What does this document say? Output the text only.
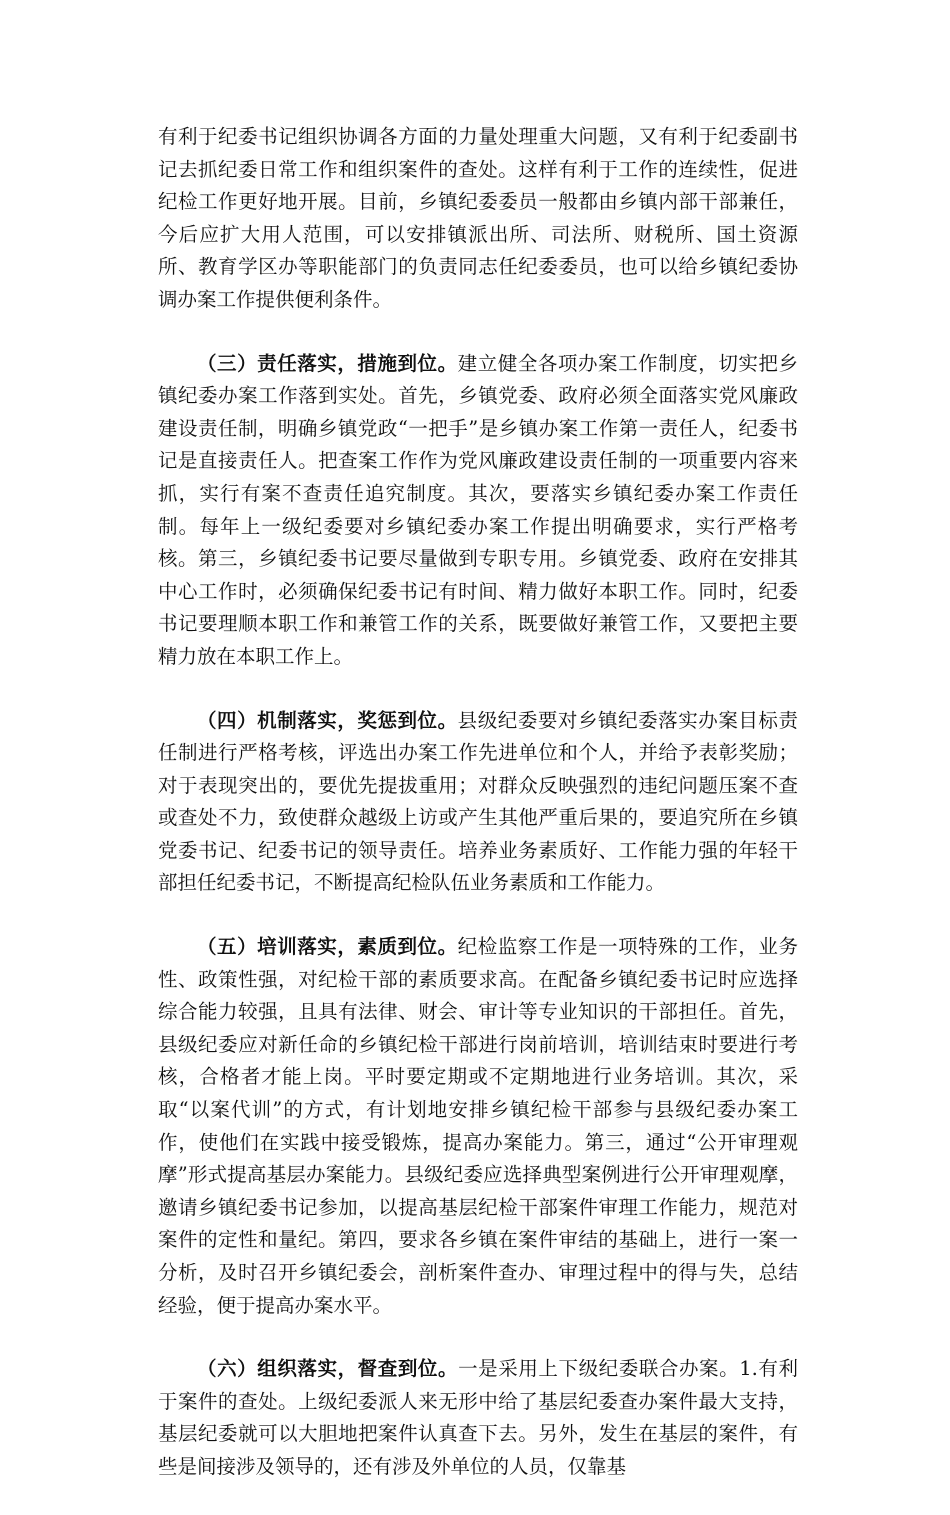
有利于纪委书记组织协调各方面的力量处理重大问题，又有利于纪委副书记去抓纪委日常工作和组织案件的查处。这样有利于工作的连续性，促进纪检工作更好地开展。目前，乡镇纪委委员一般都由乡镇内部干部兼任，今后应扩大用人范围，可以安排镇派出所、司法所、财税所、国土资源所、教育学区办等职能部门的负责同志任纪委委员，也可以给乡镇纪委协调办案工作提供便利条件。

（三）责任落实，措施到位。建立健全各项办案工作制度，切实把乡镇纪委办案工作落到实处。首先，乡镇党委、政府必须全面落实党风廉政建设责任制，明确乡镇党政“一把手”是乡镇办案工作第一责任人，纪委书记是直接责任人。把查案工作作为党风廉政建设责任制的一项重要内容来抓，实行有案不查责任追究制度。其次，要落实乡镇纪委办案工作责任制。每年上一级纪委要对乡镇纪委办案工作提出明确要求，实行严格考核。第三，乡镇纪委书记要尽量做到专职专用。乡镇党委、政府在安排其中心工作时，必须确保纪委书记有时间、精力做好本职工作。同时，纪委书记要理顺本职工作和兼管工作的关系，既要做好兼管工作，又要把主要精力放在本职工作上。

（四）机制落实，奖惩到位。县级纪委要对乡镇纪委落实办案目标责任制进行严格考核，评选出办案工作先进单位和个人，并给予表彰奖励；对于表现突出的，要优先提拔重用；对群众反映强烈的违纪问题压案不查或查处不力，致使群众越级上访或产生其他严重后果的，要追究所在乡镇党委书记、纪委书记的领导责任。培养业务素质好、工作能力强的年轻干部担任纪委书记，不断提高纪检队伍业务素质和工作能力。

（五）培训落实，素质到位。纪检监察工作是一项特殊的工作，业务性、政策性强，对纪检干部的素质要求高。在配备乡镇纪委书记时应选择综合能力较强，且具有法律、财会、审计等专业知识的干部担任。首先，县级纪委应对新任命的乡镇纪检干部进行岗前培训，培训结束时要进行考核，合格者才能上岗。平时要定期或不定期地进行业务培训。其次，采取“以案代训”的方式，有计划地安排乡镇纪检干部参与县级纪委办案工作，使他们在实践中接受锻炼，提高办案能力。第三，通过“公开审理观摩”形式提高基层办案能力。县级纪委应选择典型案例进行公开审理观摩，邀请乡镇纪委书记参加，以提高基层纪检干部案件审理工作能力，规范对案件的定性和量纪。第四，要求各乡镇在案件审结的基础上，进行一案一分析，及时召开乡镇纪委会，剖析案件查办、审理过程中的得与失，总结经验，便于提高办案水平。

（六）组织落实，督查到位。一是采用上下级纪委联合办案。1.有利于案件的查处。上级纪委派人来无形中给了基层纪委查办案件最大支持，基层纪委就可以大胆地把案件认真查下去。另外，发生在基层的案件，有些是间接涉及领导的，还有涉及外单位的人员，仅靠基
